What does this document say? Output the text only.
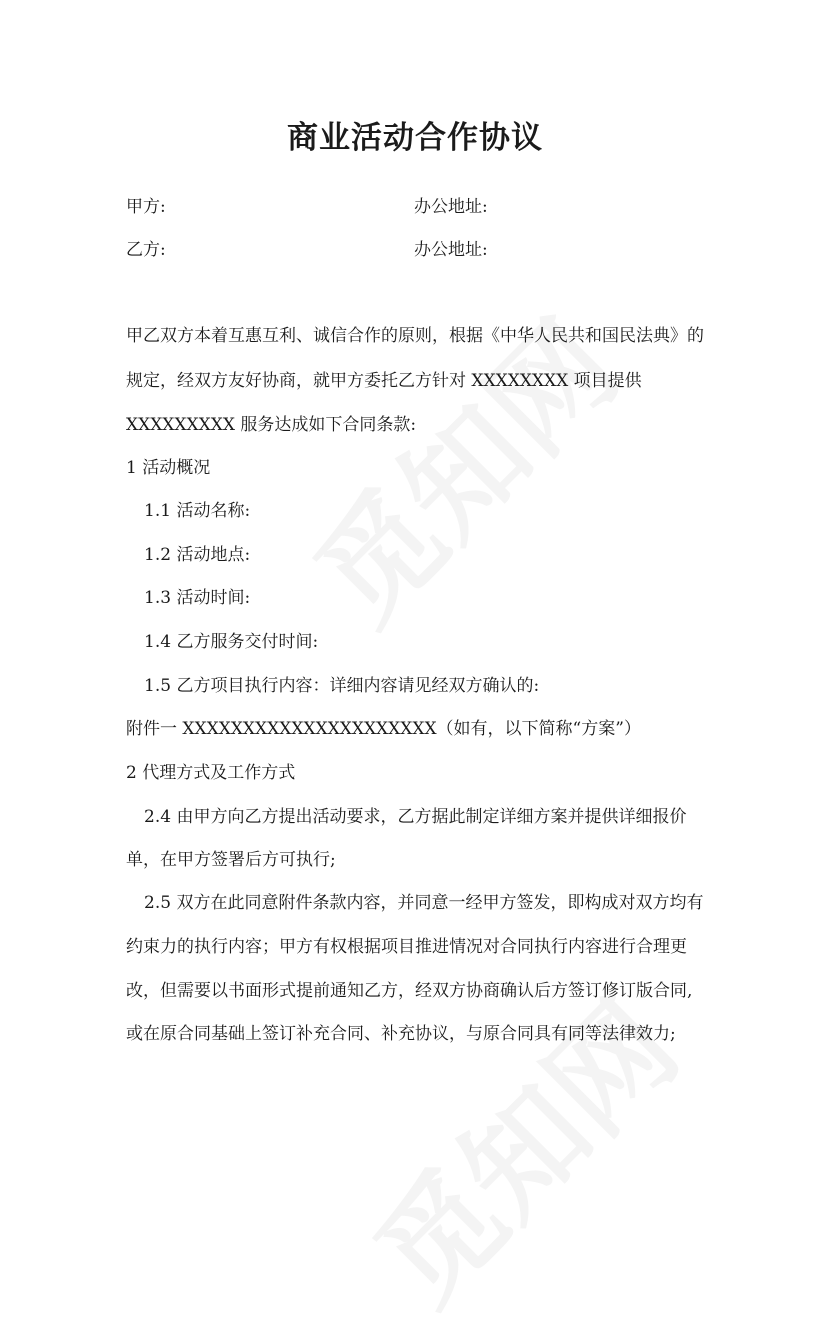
商业活动合作协议
甲方:	办公地址:
乙方:	办公地址:
甲乙双方本着互惠互利、诚信合作的原则，根据《中华人民共和国民法典》的
规定，经双方友好协商，就甲方委托乙方针对 XXXXXXXX 项目提供
XXXXXXXXX 服务达成如下合同条款:
1 活动概况
1.1 活动名称:
1.2 活动地点:
1.3 活动时间:
1.4 乙方服务交付时间:
1.5 乙方项目执行内容：详细内容请见经双方确认的:
附件一 XXXXXXXXXXXXXXXXXXXXX（如有，以下简称“方案”）
2 代理方式及工作方式
2.4 由甲方向乙方提出活动要求，乙方据此制定详细方案并提供详细报价
单，在甲方签署后方可执行;
2.5 双方在此同意附件条款内容，并同意一经甲方签发，即构成对双方均有
约束力的执行内容；甲方有权根据项目推进情况对合同执行内容进行合理更
改，但需要以书面形式提前通知乙方，经双方协商确认后方签订修订版合同,
或在原合同基础上签订补充合同、补充协议，与原合同具有同等法律效力;
